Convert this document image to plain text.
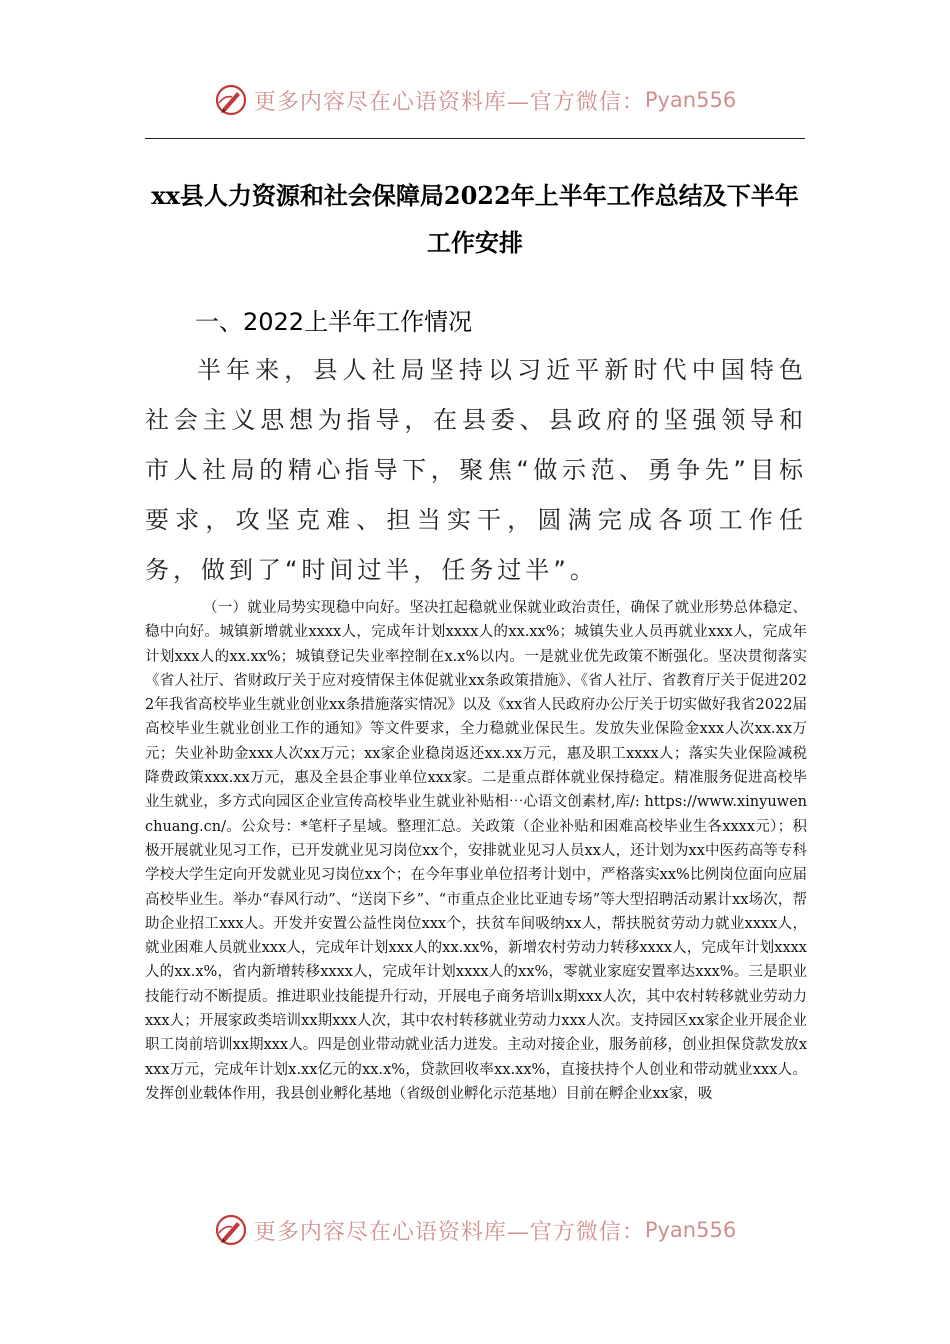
更多内容尽在心语资料库—官方微信： Pyan556
xx县人力资源和社会保障局2022年上半年工作总结及下半年工作安排
一、2022上半年工作情况

半年来，县人社局坚持以习近平新时代中国特色社会主义思想为指导，在县委、县政府的坚强领导和市人社局的精心指导下，聚焦“做示范、勇争先”目标要求，攻坚克难、担当实干，圆满完成各项工作任务，做到了“时间过半，任务过半”。

（一）就业局势实现稳中向好。坚决扛起稳就业保就业政治责任，确保了就业形势总体稳定、稳中向好。城镇新增就业xxxx人，完成年计划xxxx人的xx.xx%；城镇失业人员再就业xxx人，完成年计划xxx人的xx.xx%；城镇登记失业率控制在x.x%以内。一是就业优先政策不断强化。坚决贯彻落实《省人社厅、省财政厅关于应对疫情保主体促就业xx条政策措施》、《省人社厅、省教育厅关于促进2022年我省高校毕业生就业创业xx条措施落实情况》以及《xx省人民政府办公厅关于切实做好我省2022届高校毕业生就业创业工作的通知》等文件要求，全力稳就业保民生。发放失业保险金xxx人次xx.xx万元；失业补助金xxx人次xx万元；xx家企业稳岗返还xx.xx万元，惠及职工xxxx人；落实失业保险减税降费政策xxx.xx万元，惠及全县企事业单位xxx家。二是重点群体就业保持稳定。精准服务促进高校毕业生就业，多方式向园区企业宣传高校毕业生就业补贴相⋯心语文创素材,库/: https://www.xinyuwenchuang.cn/。公众号：*笔杆子星域。整理汇总。关政策（企业补贴和困难高校毕业生各xxxx元）；积极开展就业见习工作，已开发就业见习岗位xx个，安排就业见习人员xx人，还计划为xx中医药高等专科学校大学生定向开发就业见习岗位xx个；在今年事业单位招考计划中，严格落实xx%比例岗位面向应届高校毕业生。举办“春风行动”、“送岗下乡”、“市重点企业比亚迪专场”等大型招聘活动累计xx场次，帮助企业招工xxx人。开发并安置公益性岗位xxx个，扶贫车间吸纳xx人，帮扶脱贫劳动力就业xxxx人，就业困难人员就业xxx人，完成年计划xxx人的xx.xx%，新增农村劳动力转移xxxx人，完成年计划xxxx人的xx.x%，省内新增转移xxxx人，完成年计划xxxx人的xx%，零就业家庭安置率达xxx%。三是职业技能行动不断提质。推进职业技能提升行动，开展电子商务培训x期xxx人次，其中农村转移就业劳动力xxx人；开展家政类培训xx期xxx人次，其中农村转移就业劳动力xxx人次。支持园区xx家企业开展企业职工岗前培训xx期xxx人。四是创业带动就业活力迸发。主动对接企业，服务前移，创业担保贷款发放xxxx万元，完成年计划x.xx亿元的xx.x%，贷款回收率xx.xx%，直接扶持个人创业和带动就业xxx人。发挥创业载体作用，我县创业孵化基地（省级创业孵化示范基地）目前在孵企业xx家，吸

更多内容尽在心语资料库—官方微信： Pyan556
